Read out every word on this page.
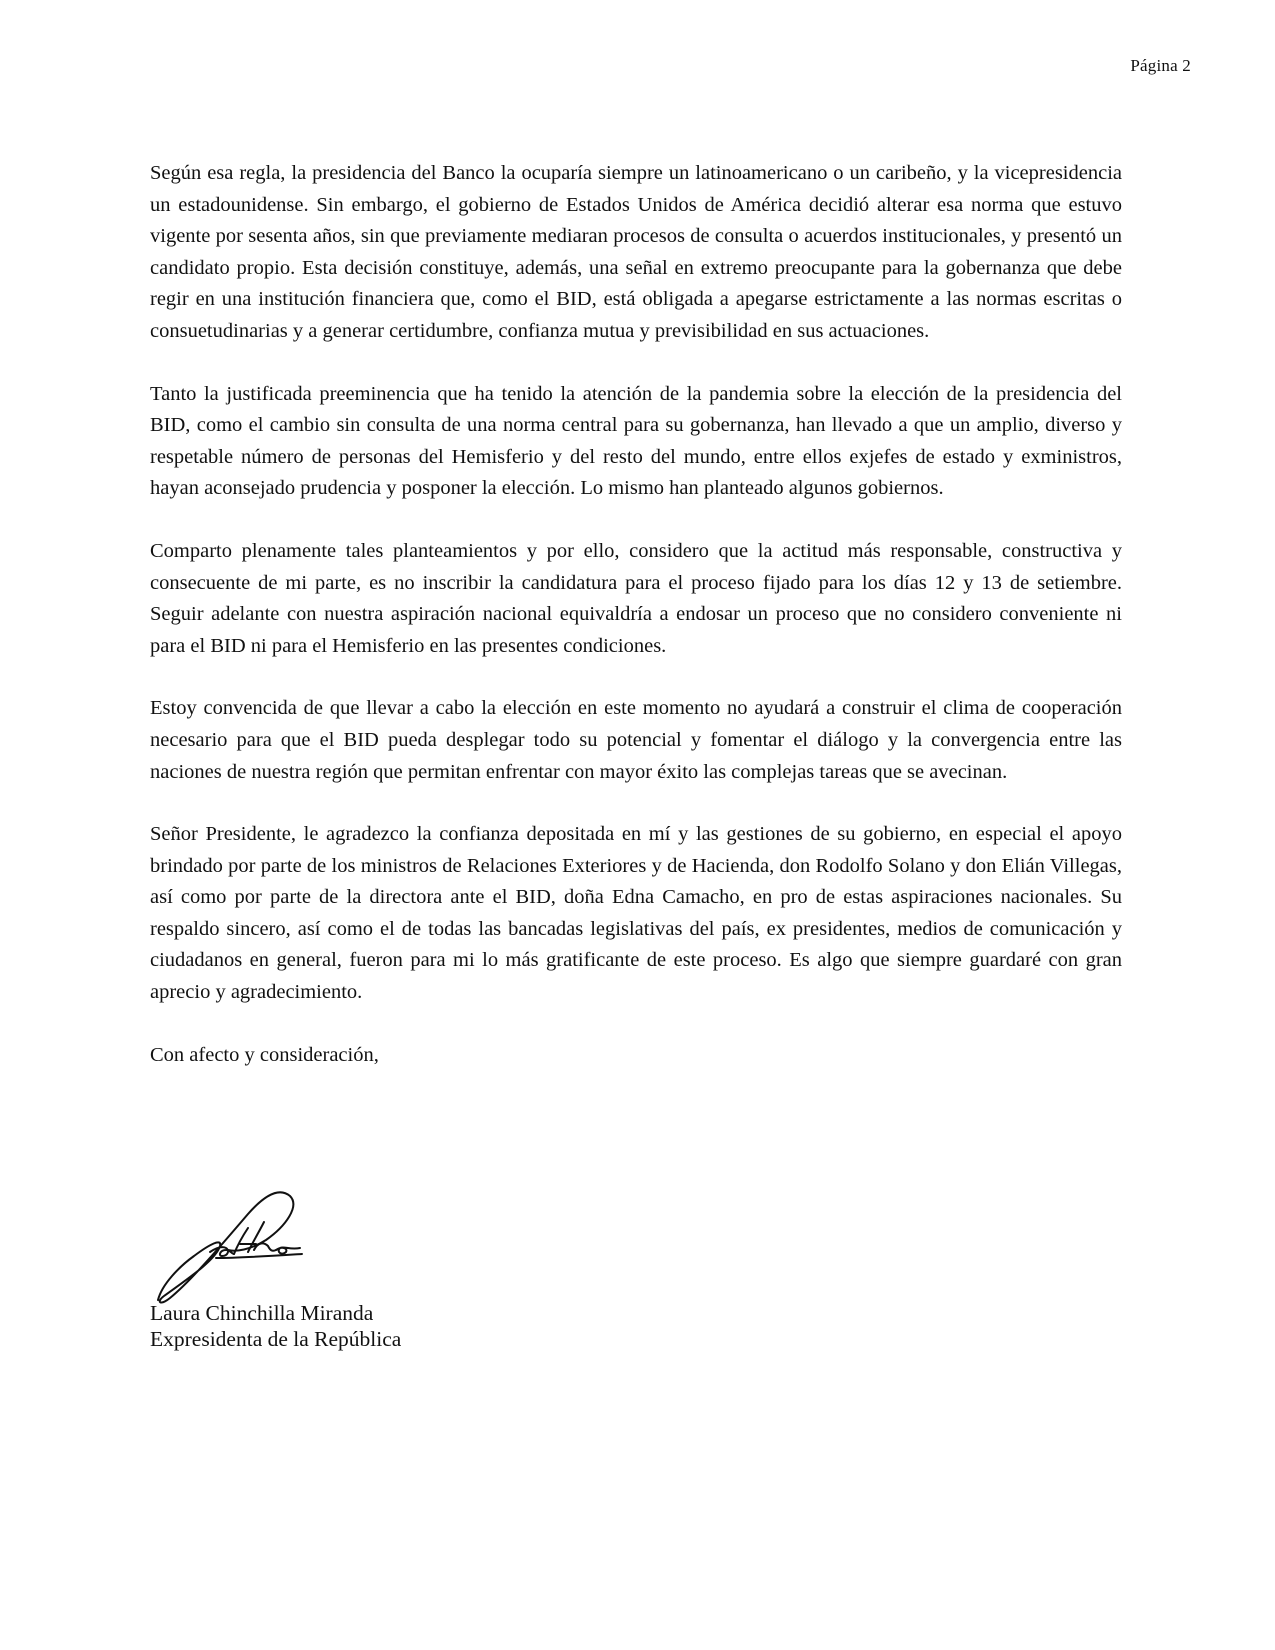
Página 2

Según esa regla, la presidencia del Banco la ocuparía siempre un latinoamericano o un caribeño, y la vicepresidencia un estadounidense. Sin embargo, el gobierno de Estados Unidos de América decidió alterar esa norma que estuvo vigente por sesenta años, sin que previamente mediaran procesos de consulta o acuerdos institucionales, y presentó un candidato propio. Esta decisión constituye, además, una señal en extremo preocupante para la gobernanza que debe regir en una institución financiera que, como el BID, está obligada a apegarse estrictamente a las normas escritas o consuetudinarias y a generar certidumbre, confianza mutua y previsibilidad en sus actuaciones.

Tanto la justificada preeminencia que ha tenido la atención de la pandemia sobre la elección de la presidencia del BID, como el cambio sin consulta de una norma central para su gobernanza, han llevado a que un amplio, diverso y respetable número de personas del Hemisferio y del resto del mundo, entre ellos exjefes de estado y exministros, hayan aconsejado prudencia y posponer la elección. Lo mismo han planteado algunos gobiernos.

Comparto plenamente tales planteamientos y por ello, considero que la actitud más responsable, constructiva y consecuente de mi parte, es no inscribir la candidatura para el proceso fijado para los días 12 y 13 de setiembre. Seguir adelante con nuestra aspiración nacional equivaldría a endosar un proceso que no considero conveniente ni para el BID ni para el Hemisferio en las presentes condiciones.

Estoy convencida de que llevar a cabo la elección en este momento no ayudará a construir el clima de cooperación necesario para que el BID pueda desplegar todo su potencial y fomentar el diálogo y la convergencia entre las naciones de nuestra región que permitan enfrentar con mayor éxito las complejas tareas que se avecinan.

Señor Presidente, le agradezco la confianza depositada en mí y las gestiones de su gobierno, en especial el apoyo brindado por parte de los ministros de Relaciones Exteriores y de Hacienda, don Rodolfo Solano y don Elián Villegas, así como por parte de la directora ante el BID, doña Edna Camacho, en pro de estas aspiraciones nacionales. Su respaldo sincero, así como el de todas las bancadas legislativas del país, ex presidentes, medios de comunicación y ciudadanos en general, fueron para mi lo más gratificante de este proceso. Es algo que siempre guardaré con gran aprecio y agradecimiento.

Con afecto y consideración,

Laura Chinchilla Miranda
Expresidenta de la República
